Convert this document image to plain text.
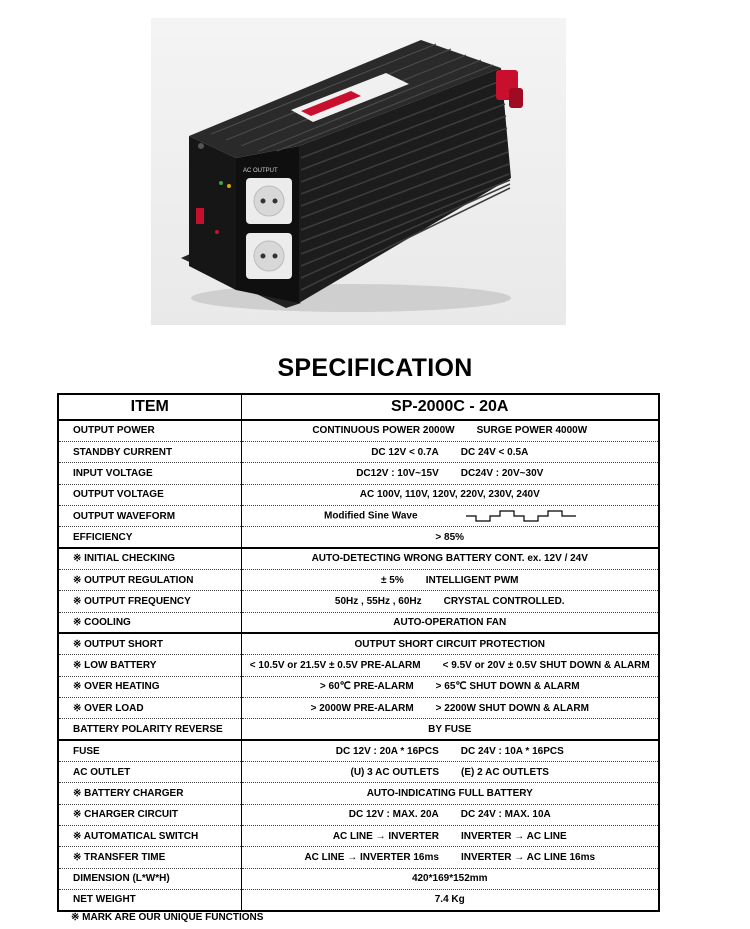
AC OUTPUT
SPECIFICATION
ITEM	SP-2000C - 20A
OUTPUT POWER	CONTINUOUS POWER 2000W SURGE POWER 4000W
STANDBY CURRENT	DC 12V < 0.7A DC 24V < 0.5A
INPUT VOLTAGE	DC12V : 10V~15V DC24V : 20V~30V
OUTPUT VOLTAGE	AC 100V, 110V, 120V, 220V, 230V, 240V
OUTPUT WAVEFORM	Modified Sine Wave
EFFICIENCY	> 85%
※ INITIAL CHECKING	AUTO-DETECTING WRONG BATTERY CONT. ex. 12V / 24V
※ OUTPUT REGULATION	± 5% INTELLIGENT PWM
※ OUTPUT FREQUENCY	50Hz , 55Hz , 60Hz CRYSTAL CONTROLLED.
※ COOLING	AUTO-OPERATION FAN
※ OUTPUT SHORT	OUTPUT SHORT CIRCUIT PROTECTION
※ LOW BATTERY	< 10.5V or 21.5V ± 0.5V PRE-ALARM < 9.5V or 20V ± 0.5V SHUT DOWN & ALARM
※ OVER HEATING	> 60℃ PRE-ALARM > 65℃ SHUT DOWN & ALARM
※ OVER LOAD	> 2000W PRE-ALARM > 2200W SHUT DOWN & ALARM
BATTERY POLARITY REVERSE	BY FUSE
FUSE	DC 12V : 20A * 16PCS DC 24V : 10A * 16PCS
AC OUTLET	(U) 3 AC OUTLETS (E) 2 AC OUTLETS
※ BATTERY CHARGER	AUTO-INDICATING FULL BATTERY
※ CHARGER CIRCUIT	DC 12V : MAX. 20A DC 24V : MAX. 10A
※ AUTOMATICAL SWITCH	AC LINE → INVERTER INVERTER → AC LINE
※ TRANSFER TIME	AC LINE → INVERTER 16ms INVERTER → AC LINE 16ms
DIMENSION (L*W*H)	420*169*152mm
NET WEIGHT	7.4 Kg
※ MARK ARE OUR UNIQUE FUNCTIONS
